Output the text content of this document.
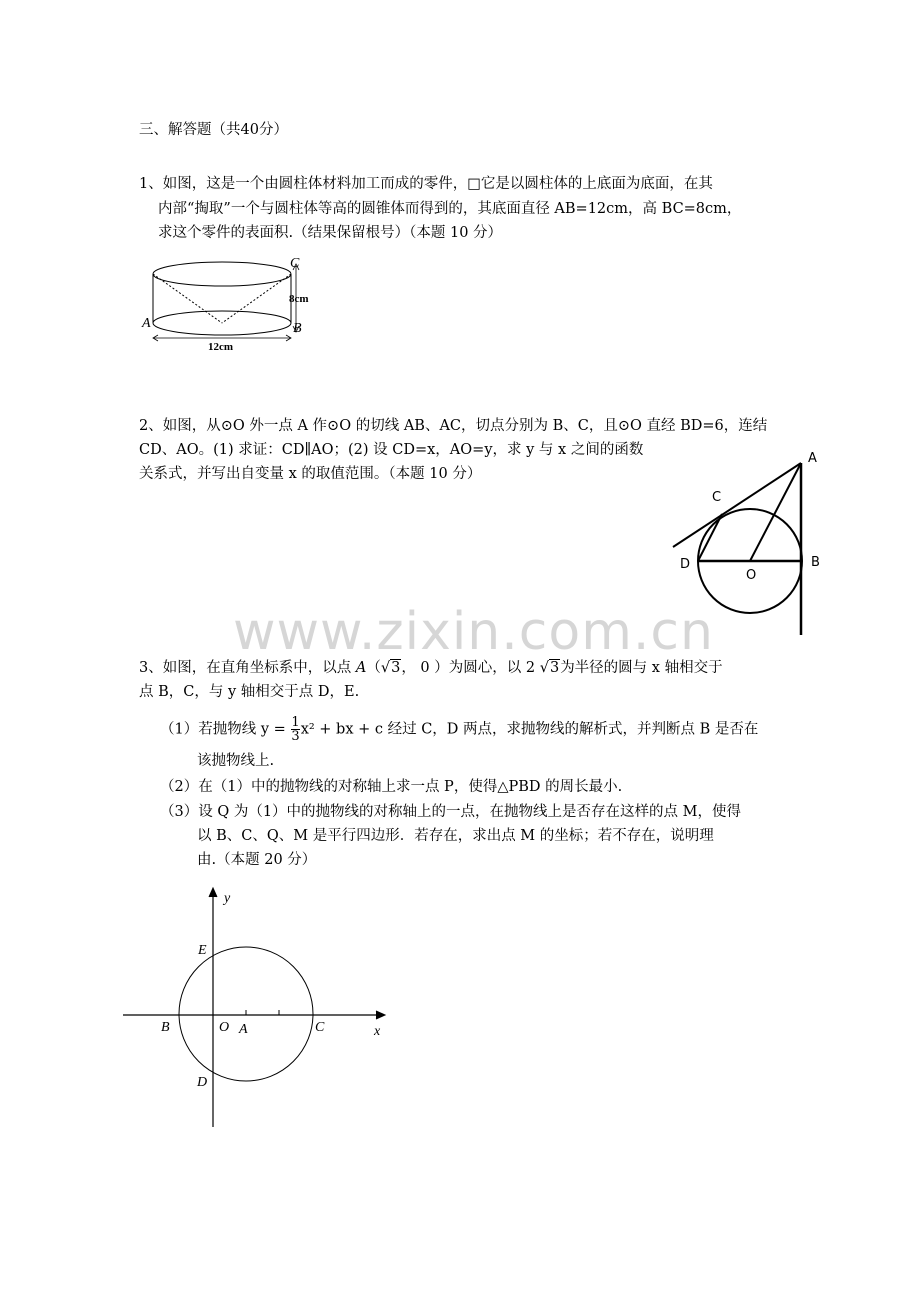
三、解答题（共40分）
1、如图，这是一个由圆柱体材料加工而成的零件，□它是以圆柱体的上底面为底面，在其
内部“掏取”一个与圆柱体等高的圆锥体而得到的，其底面直径 AB=12cm，高 BC=8cm，
求这个零件的表面积.（结果保留根号）（本题 10 分）
C
A	B
8cm
12cm
2、如图，从⊙O 外一点 A 作⊙O 的切线 AB、AC，切点分别为 B、C，且⊙O 直经 BD=6，连结
CD、AO。(1) 求证：CD∥AO；(2) 设 CD=x，AO=y，求 y 与 x 之间的函数
关系式，并写出自变量 x 的取值范围。（本题 10 分）
A
C
D
O
B
www.zixin.com.cn
3、如图，在直角坐标系中，以点 A（√3， 0 ）为圆心，以 2 √3为半径的圆与 x 轴相交于
点 B，C，与 y 轴相交于点 D，E.
（1）若抛物线 $y = \frac{1}{3} x^2$ + bx + c 经过 C，D 两点，求抛物线的解析式，并判断点 B 是否在
该抛物线上.
（2）在（1）中的抛物线的对称轴上求一点 P，使得△PBD 的周长最小.
（3）设 Q 为（1）中的抛物线的对称轴上的一点，在抛物线上是否存在这样的点 M，使得
以 B、C、Q、M 是平行四边形．若存在，求出点 M 的坐标；若不存在，说明理
由.（本题 20 分）
y
x
E
B	O A	C
D
